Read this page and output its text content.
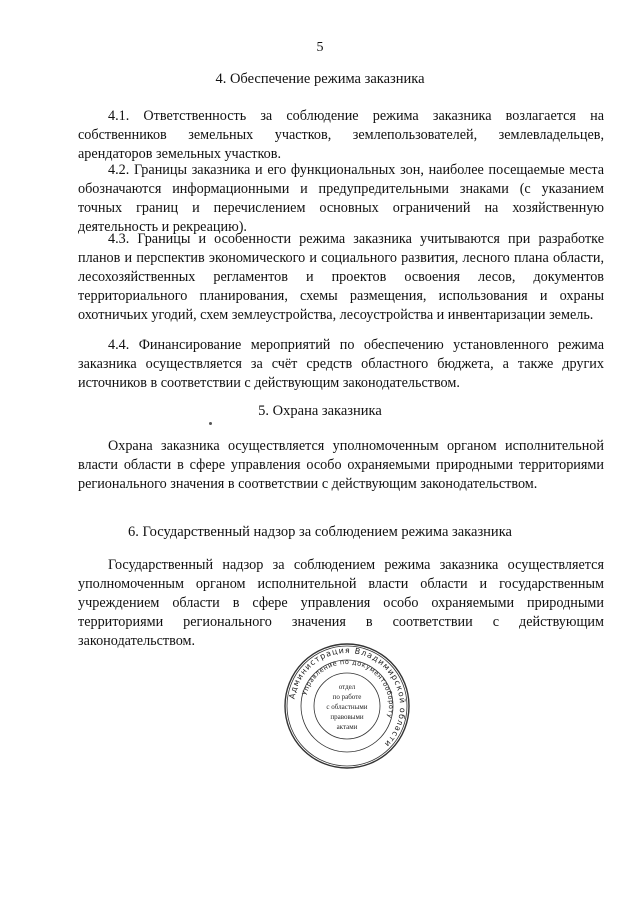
5
4. Обеспечение режима заказника

4.1. Ответственность за соблюдение режима заказника возлагается на собственников земельных участков, землепользователей, землевладельцев, арендаторов земельных участков.

4.2. Границы заказника и его функциональных зон, наиболее посещаемые места обозначаются информационными и предупредительными знаками (с указанием точных границ и перечислением основных ограничений на хозяйственную деятельность и рекреацию).

4.3. Границы и особенности режима заказника учитываются при разработке планов и перспектив экономического и социального развития, лесного плана области, лесохозяйственных регламентов и проектов освоения лесов, документов территориального планирования, схемы размещения, использования и охраны охотничьих угодий, схем землеустройства, лесоустройства и инвентаризации земель.

4.4. Финансирование мероприятий по обеспечению установленного режима заказника осуществляется за счёт средств областного бюджета, а также других источников в соответствии с действующим законодательством.

5. Охрана заказника

Охрана заказника осуществляется уполномоченным органом исполнительной власти области в сфере управления особо охраняемыми природными территориями регионального значения в соответствии с действующим законодательством.

6. Государственный надзор за соблюдением режима заказника

Государственный надзор за соблюдением режима заказника осуществляется уполномоченным органом исполнительной власти области и государственным учреждением области в сфере управления особо охраняемыми природными территориями регионального значения в соответствии с действующим законодательством.

Администрация Владимирской области
Управление по документообороту
отдел
по работе
с областными
правовыми
актами
